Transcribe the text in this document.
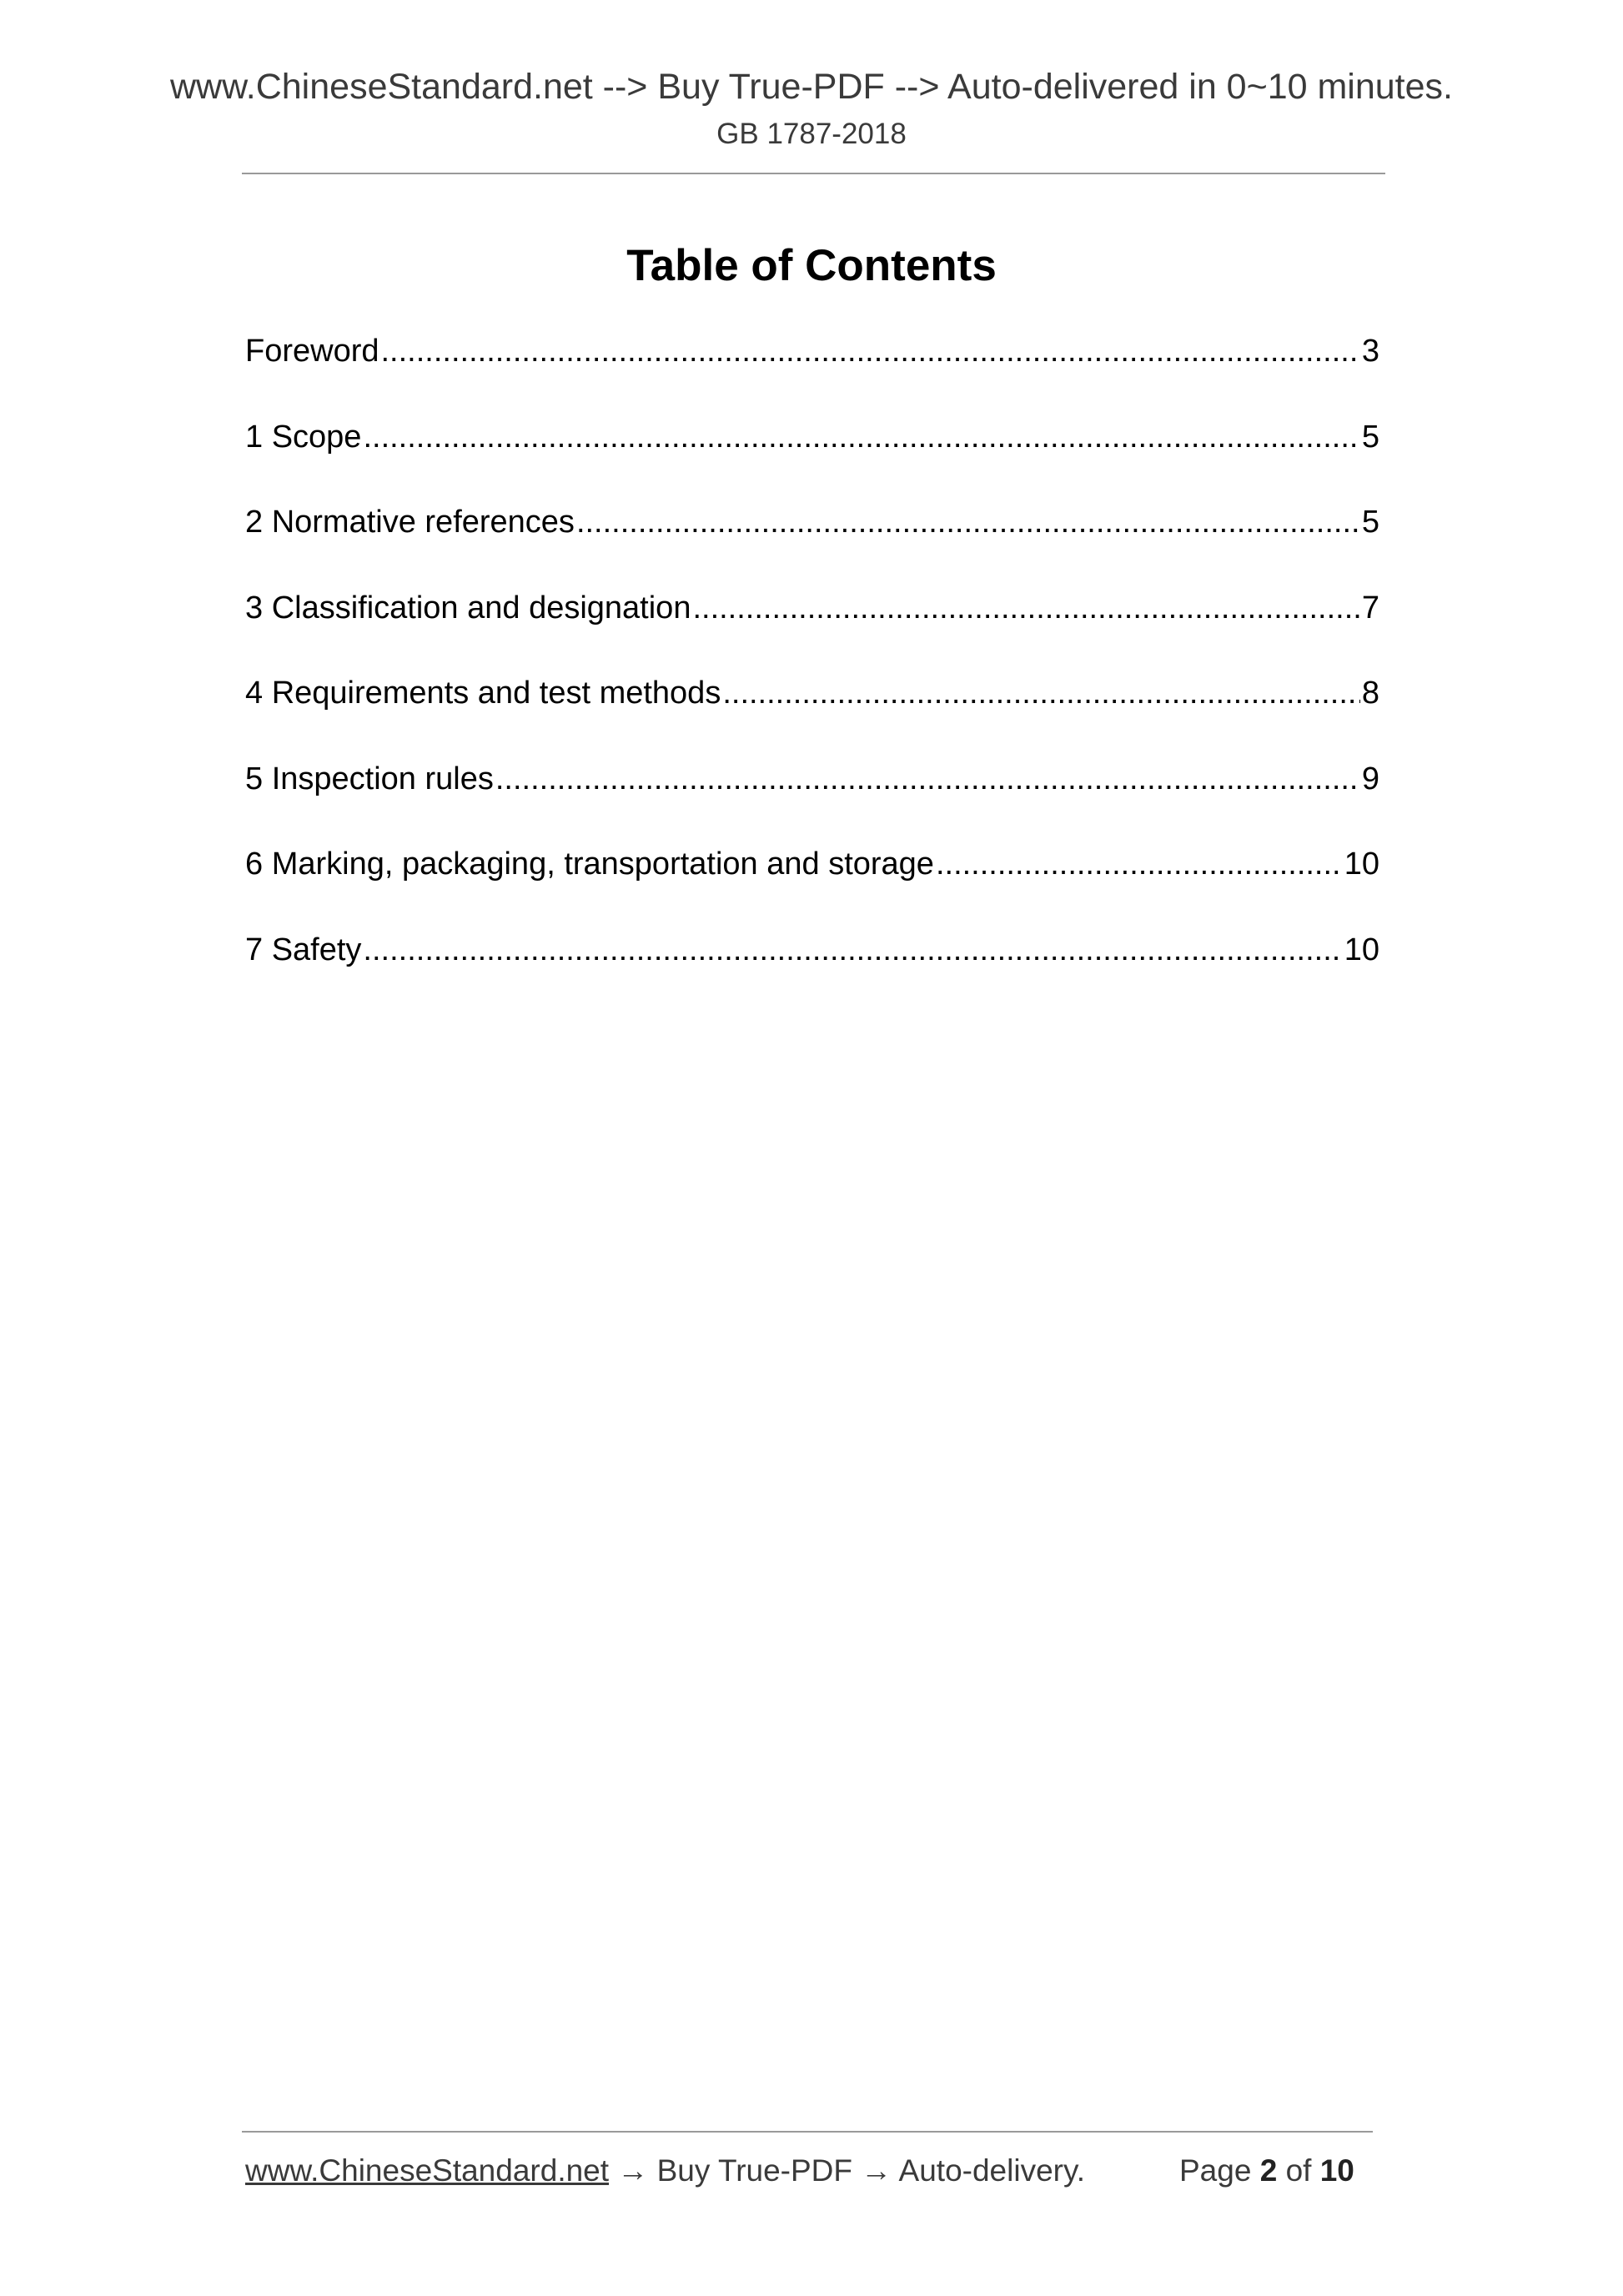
www.ChineseStandard.net --> Buy True-PDF --> Auto-delivered in 0~10 minutes.
GB 1787-2018
Table of Contents
Foreword .....	3
1 Scope .....	5
2 Normative references .....	5
3 Classification and designation .....	7
4 Requirements and test methods .....	8
5 Inspection rules .....	9
6 Marking, packaging, transportation and storage .....	10
7 Safety .....	10
www.ChineseStandard.net → Buy True-PDF → Auto-delivery.	Page 2 of 10
